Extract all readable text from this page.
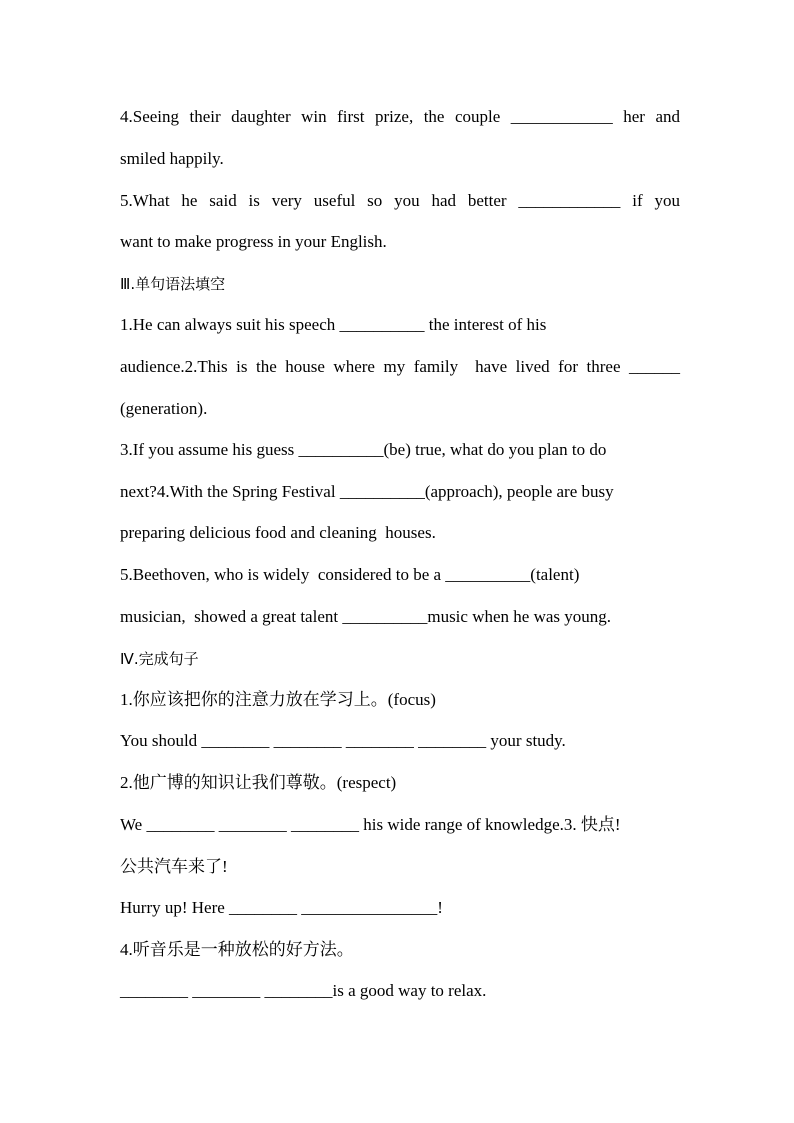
4.Seeing their daughter win first prize, the couple ____________ her and
smiled happily.
5.What he said is very useful so you had better ____________ if you
want to make progress in your English.
Ⅲ.单句语法填空
1.He can always suit his speech __________ the interest of his
audience.2.This is the house where my family  have lived for three ______
(generation).
3.If you assume his guess __________(be) true, what do you plan to do
next?4.With the Spring Festival __________(approach), people are busy
preparing delicious food and cleaning  houses.
5.Beethoven, who is widely  considered to be a __________(talent)
musician,  showed a great talent __________music when he was young.
Ⅳ.完成句子
1.你应该把你的注意力放在学习上。(focus)
You should ________ ________ ________ ________ your study.
2.他广博的知识让我们尊敬。(respect)
We ________ ________ ________ his wide range of knowledge.3. 快点!
公共汽车来了!
Hurry up! Here ________ ________________!
4.听音乐是一种放松的好方法。
________ ________ ________is a good way to relax.
